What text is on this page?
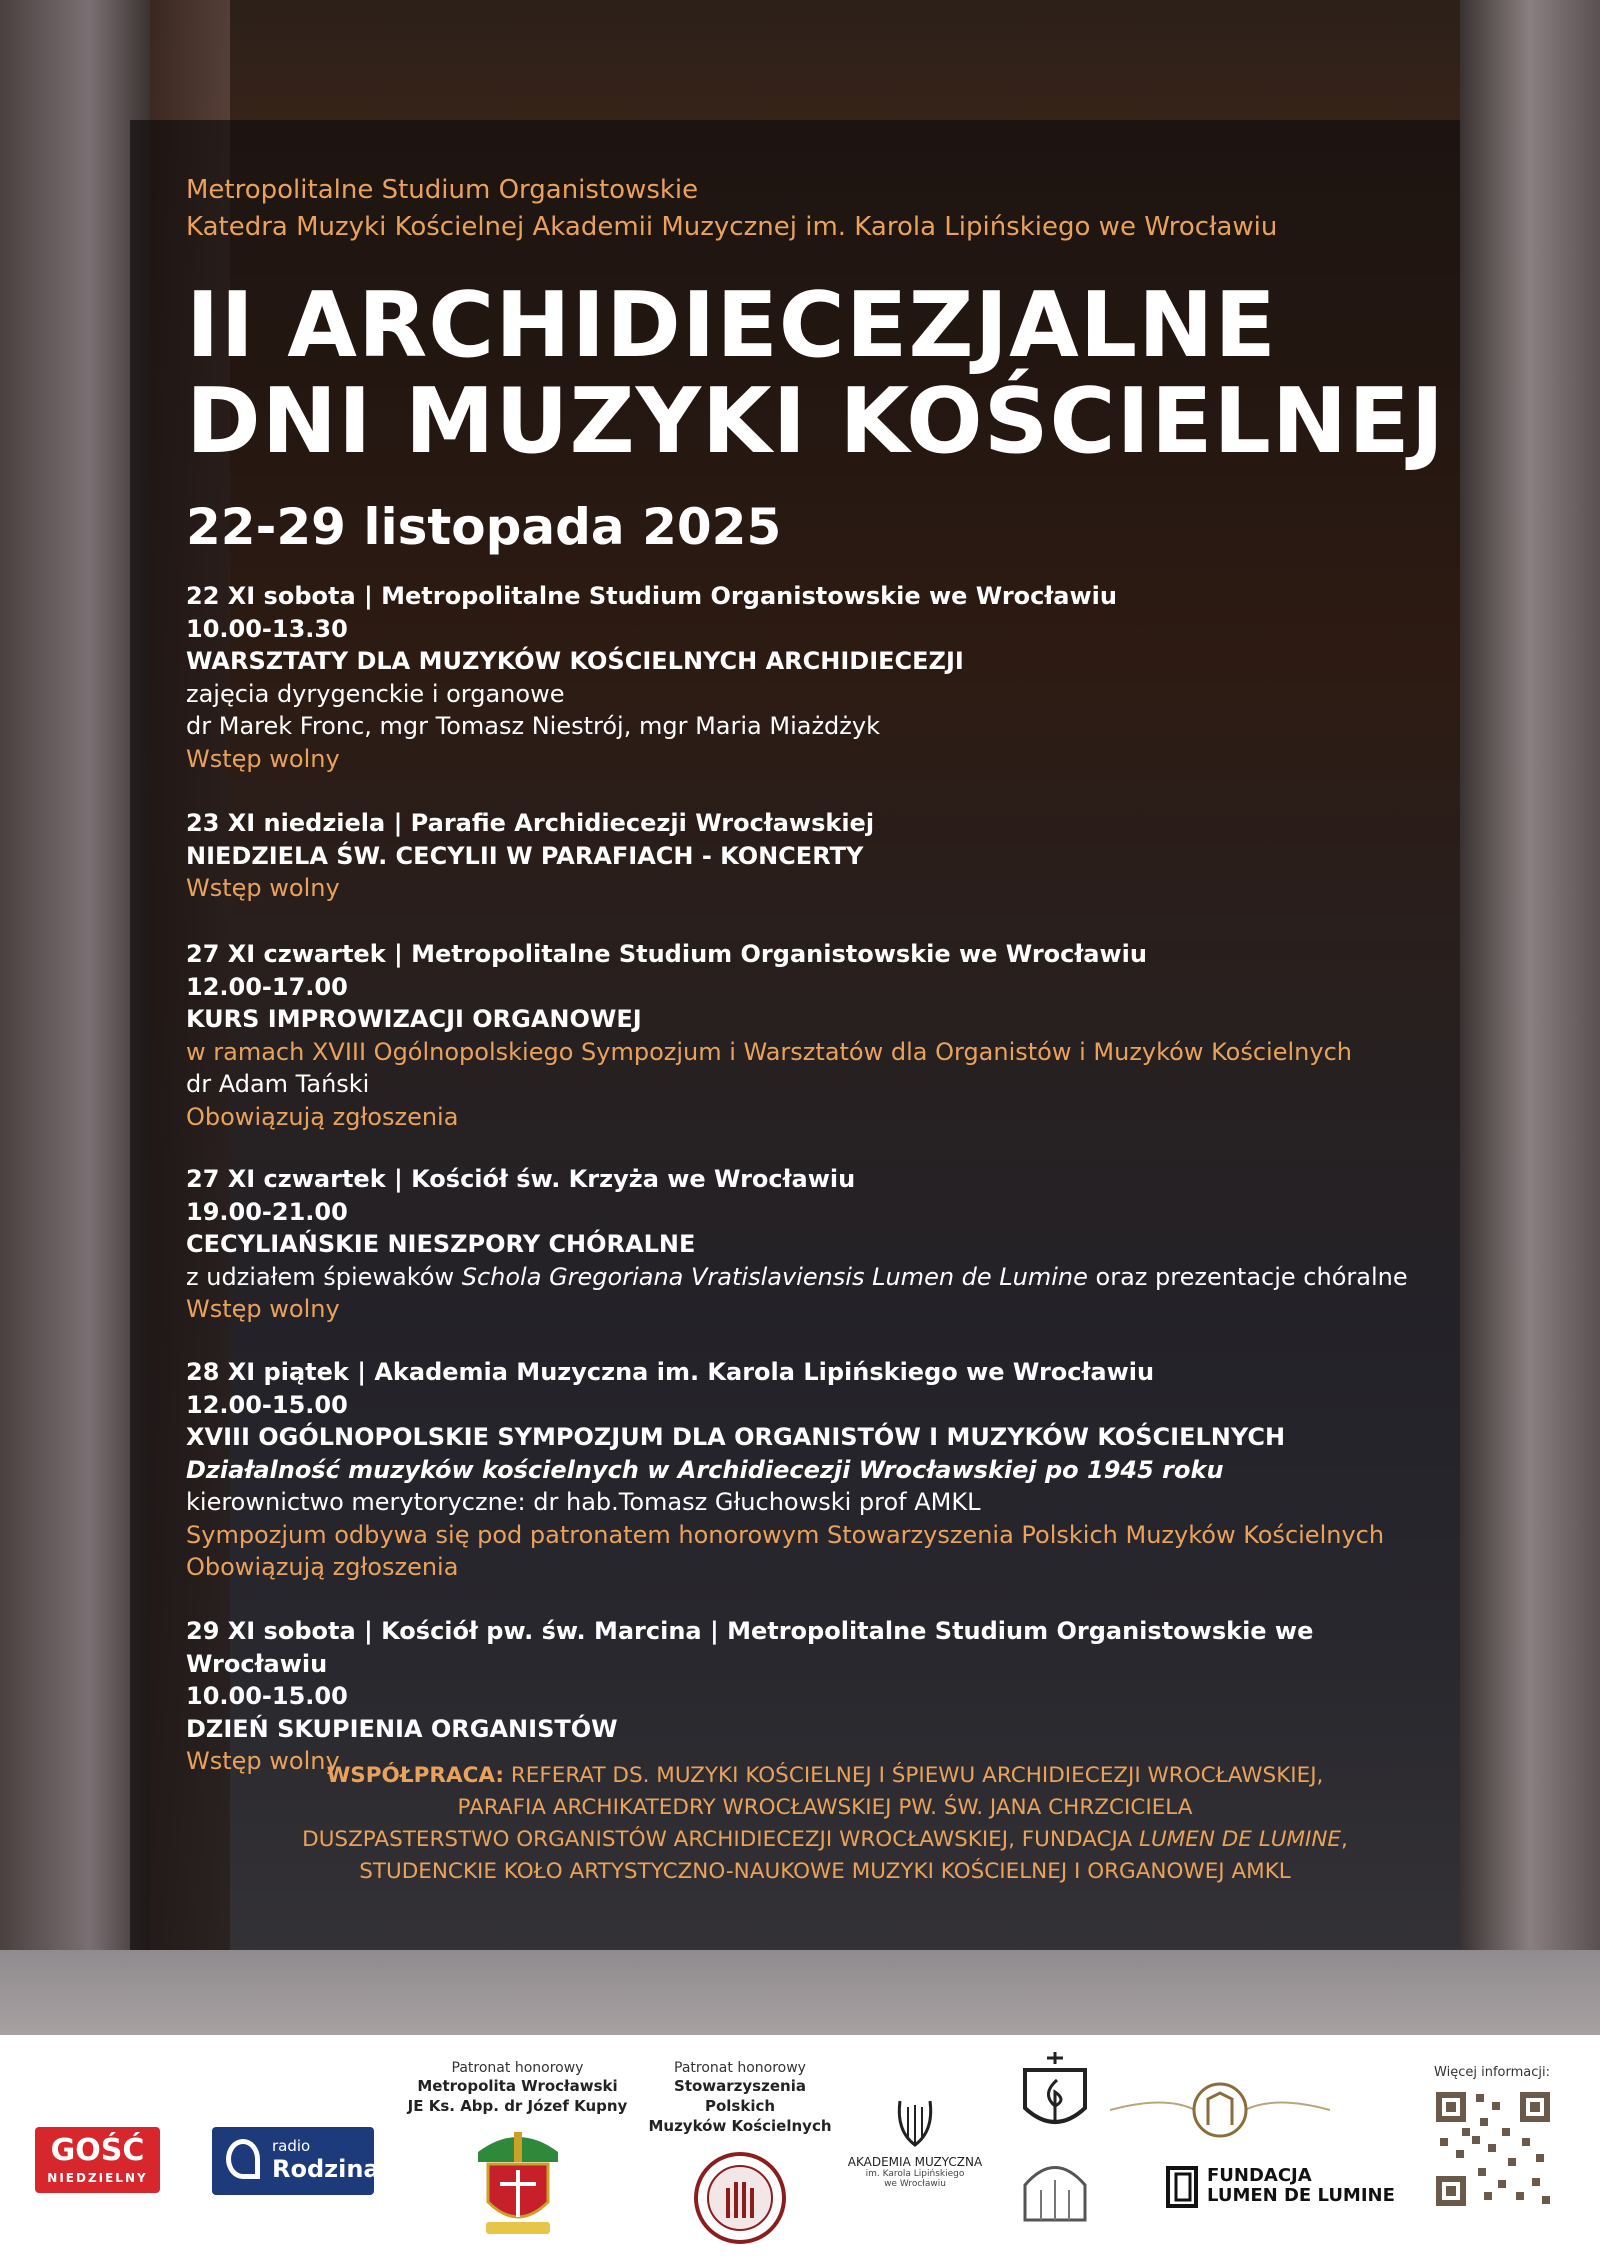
Metropolitalne Studium Organistowskie
Katedra Muzyki Kościelnej Akademii Muzycznej im. Karola Lipińskiego we Wrocławiu
II ARCHIDIECEZJALNE
DNI MUZYKI KOŚCIELNEJ
22-29 listopada 2025
22 XI sobota | Metropolitalne Studium Organistowskie we Wrocławiu
10.00-13.30
WARSZTATY DLA MUZYKÓW KOŚCIELNYCH ARCHIDIECEZJI
zajęcia dyrygenckie i organowe
dr Marek Fronc, mgr Tomasz Niestrój, mgr Maria Miażdżyk
Wstęp wolny
23 XI niedziela | Parafie Archidiecezji Wrocławskiej
NIEDZIELA ŚW. CECYLII W PARAFIACH - KONCERTY
Wstęp wolny
27 XI czwartek | Metropolitalne Studium Organistowskie we Wrocławiu
12.00-17.00
KURS IMPROWIZACJI ORGANOWEJ
w ramach XVIII Ogólnopolskiego Sympozjum i Warsztatów dla Organistów i Muzyków Kościelnych
dr Adam Tański
Obowiązują zgłoszenia
27 XI czwartek | Kościół św. Krzyża we Wrocławiu
19.00-21.00
CECYLIAŃSKIE NIESZPORY CHÓRALNE
z udziałem śpiewaków Schola Gregoriana Vratislaviensis Lumen de Lumine oraz prezentacje chóralne
Wstęp wolny
28 XI piątek | Akademia Muzyczna im. Karola Lipińskiego we Wrocławiu
12.00-15.00
XVIII OGÓLNOPOLSKIE SYMPOZJUM DLA ORGANISTÓW I MUZYKÓW KOŚCIELNYCH
Działalność muzyków kościelnych w Archidiecezji Wrocławskiej po 1945 roku
kierownictwo merytoryczne: dr hab.Tomasz Głuchowski prof AMKL
Sympozjum odbywa się pod patronatem honorowym Stowarzyszenia Polskich Muzyków Kościelnych
Obowiązują zgłoszenia
29 XI sobota | Kościół pw. św. Marcina | Metropolitalne Studium Organistowskie we Wrocławiu
10.00-15.00
DZIEŃ SKUPIENIA ORGANISTÓW
Wstęp wolny
WSPÓŁPRACA: REFERAT DS. MUZYKI KOŚCIELNEJ I ŚPIEWU ARCHIDIECEZJI WROCŁAWSKIEJ,
PARAFIA ARCHIKATEDRY WROCŁAWSKIEJ PW. ŚW. JANA CHRZCICIELA
DUSZPASTERSTWO ORGANISTÓW ARCHIDIECEZJI WROCŁAWSKIEJ, FUNDACJA LUMEN DE LUMINE,
STUDENCKIE KOŁO ARTYSTYCZNO-NAUKOWE MUZYKI KOŚCIELNEJ I ORGANOWEJ AMKL
GOŚĆ
NIEDZIELNY
radio
Rodzina
Patronat honorowy
Metropolita Wrocławski
JE Ks. Abp. dr Józef Kupny
Patronat honorowy
Stowarzyszenia Polskich
Muzyków Kościelnych
AKADEMIA MUZYCZNA
im. Karola Lipińskiego
we Wrocławiu	FUNDACJA
LUMEN DE LUMINE
Więcej informacji:
